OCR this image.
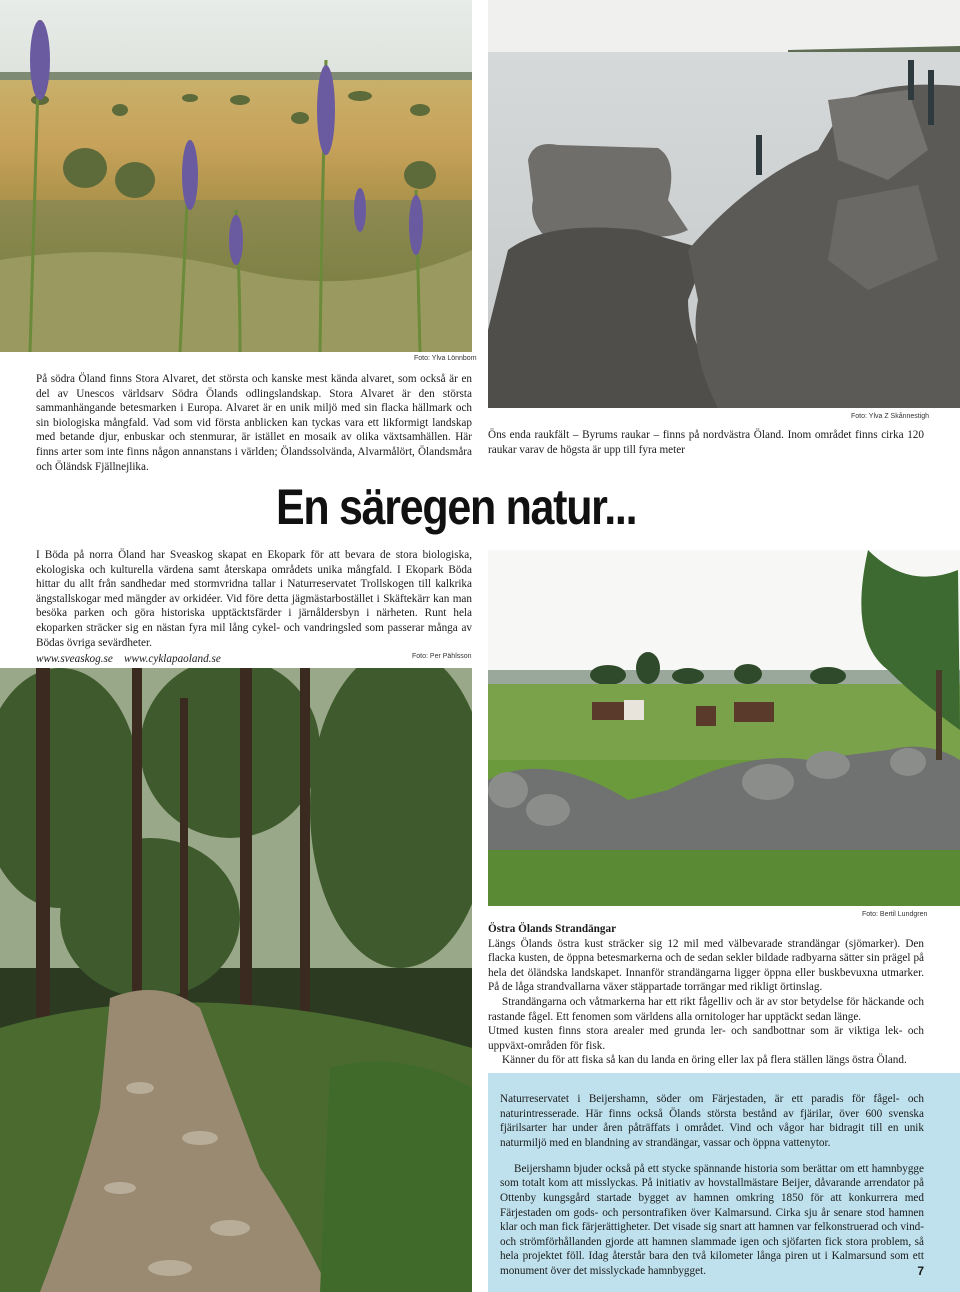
Foto: Ylva Lönnbom
Foto: Ylva Z Skånnestigh

På södra Öland finns Stora Alvaret, det största och kanske mest kända alvaret, som också är en del av Unescos världsarv Södra Ölands odlingslandskap. Stora Alvaret är den största sammanhängande betesmarken i Europa. Alvaret är en unik miljö med sin flacka hällmark och sin biologiska mångfald. Vad som vid första anblicken kan tyckas vara ett likformigt landskap med betande djur, enbuskar och stenmurar, är istället en mosaik av olika växtsamhällen. Här finns arter som inte finns någon annanstans i världen; Ölandssolvända, Alvarmålört, Ölandsmåra och Öländsk Fjällnejlika.

Öns enda raukfält – Byrums raukar – finns på nordvästra Öland. Inom området finns cirka 120 raukar varav de högsta är upp till fyra meter

En säregen natur...

I Böda på norra Öland har Sveaskog skapat en Ekopark för att bevara de stora biologiska, ekologiska och kulturella värdena samt återskapa områdets unika mångfald. I Ekopark Böda hittar du allt från sandhedar med stormvridna tallar i Naturreservatet Trollskogen till kalkrika ängstallskogar med mängder av orkidéer. Vid före detta jägmästarbostället i Skäftekärr kan man besöka parken och göra historiska upptäcktsfärder i järnåldersbyn i närheten. Runt hela ekoparken sträcker sig en nästan fyra mil lång cykel- och vandringsled som passerar många av Bödas övriga sevärdheter.

www.sveaskog.se www.cyklapaoland.se	Foto: Per Pählsson
Foto: Bertil Lundgren

Östra Ölands Strandängar

Längs Ölands östra kust sträcker sig 12 mil med välbevarade strandängar (sjömarker). Den flacka kusten, de öppna betesmarkerna och de sedan sekler bildade radbyarna sätter sin prägel på hela det öländska landskapet. Innanför strandängarna ligger öppna eller buskbevuxna utmarker. På de låga strandvallarna växer stäppartade torrängar med rikligt örtinslag.

Strandängarna och våtmarkerna har ett rikt fågelliv och är av stor betydelse för häckande och rastande fågel. Ett fenomen som världens alla ornitologer har upptäckt sedan länge.

Utmed kusten finns stora arealer med grunda ler- och sandbottnar som är viktiga lek- och uppväxt-områden för fisk.

Känner du för att fiska så kan du landa en öring eller lax på flera ställen längs östra Öland.

Naturreservatet i Beijershamn, söder om Färjestaden, är ett paradis för fågel- och naturintresserade. Här finns också Ölands största bestånd av fjärilar, över 600 svenska fjärilsarter har under åren påträffats i området. Vind och vågor har bidragit till en unik naturmiljö med en blandning av strandängar, vassar och öppna vattenytor.

Beijershamn bjuder också på ett stycke spännande historia som berättar om ett hamnbygge som totalt kom att misslyckas. På initiativ av hovstallmästare Beijer, dåvarande arrendator på Ottenby kungsgård startade bygget av hamnen omkring 1850 för att konkurrera med Färjestaden om gods- och persontrafiken över Kalmarsund. Cirka sju år senare stod hamnen klar och man fick färjerättigheter. Det visade sig snart att hamnen var felkonstruerad och vind- och strömförhållanden gjorde att hamnen slammade igen och sjöfarten fick stora problem, så hela projektet föll. Idag återstår bara den två kilometer långa piren ut i Kalmarsund som ett monument över det misslyckade hamnbygget.	7
